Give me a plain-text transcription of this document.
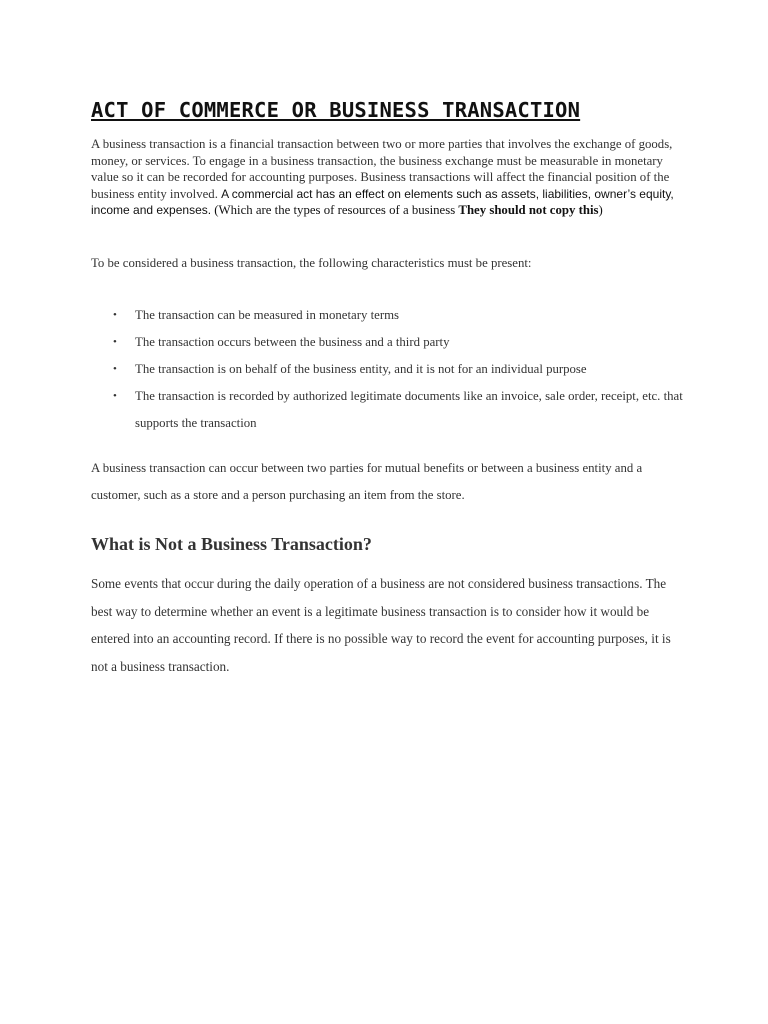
ACT OF COMMERCE OR BUSINESS TRANSACTION

A business transaction is a financial transaction between two or more parties that involves the exchange of goods, money, or services. To engage in a business transaction, the business exchange must be measurable in monetary value so it can be recorded for accounting purposes. Business transactions will affect the financial position of the business entity involved. A commercial act has an effect on elements such as assets, liabilities, owner’s equity, income and expenses. (Which are the types of resources of a business They should not copy this)

To be considered a business transaction, the following characteristics must be present:

• The transaction can be measured in monetary terms
• The transaction occurs between the business and a third party
• The transaction is on behalf of the business entity, and it is not for an individual purpose
• The transaction is recorded by authorized legitimate documents like an invoice, sale order, receipt, etc. that supports the transaction

A business transaction can occur between two parties for mutual benefits or between a business entity and a customer, such as a store and a person purchasing an item from the store.

What is Not a Business Transaction?

Some events that occur during the daily operation of a business are not considered business transactions. The best way to determine whether an event is a legitimate business transaction is to consider how it would be entered into an accounting record. If there is no possible way to record the event for accounting purposes, it is not a business transaction.
